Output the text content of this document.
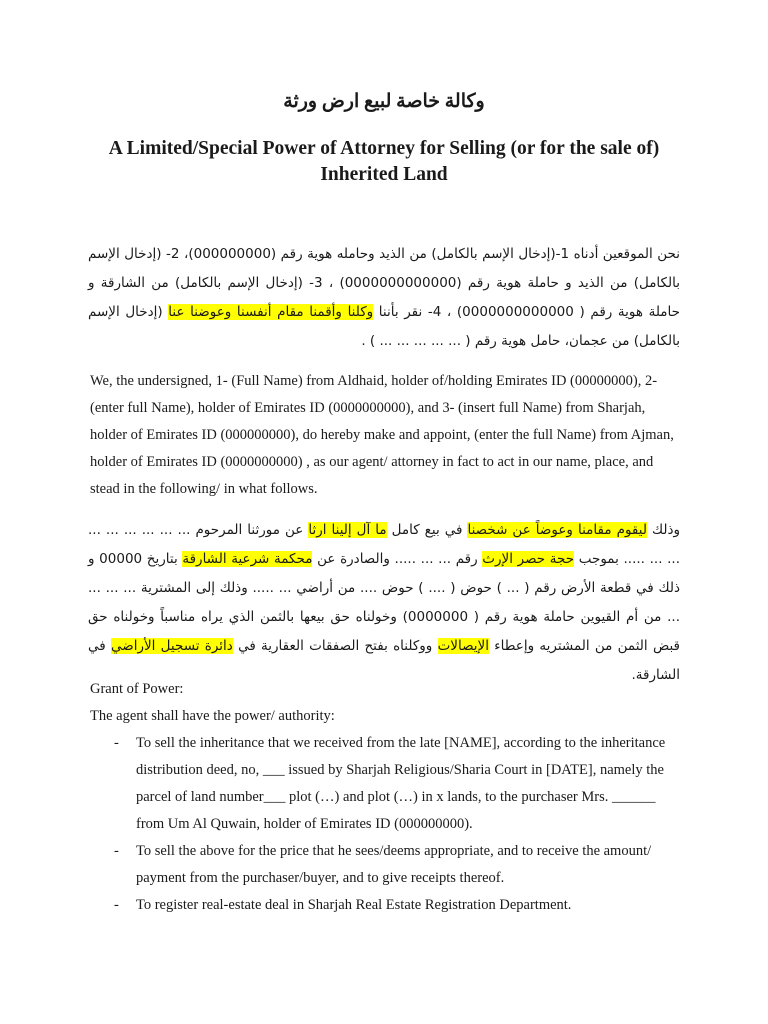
وكالة خاصة لبيع ارض ورثة
A Limited/Special Power of Attorney for Selling (or for the sale of) Inherited Land
نحن الموقعين أدناه 1-(إدخال الإسم بالكامل) من الذيد وحامله هوية رقم (000000000)، 2- (إدخال الإسم بالكامل) من الذيد و حاملة هوية رقم (0000000000000) ، 3- (إدخال الإسم بالكامل) من الشارقة و حاملة هوية رقم ( 0000000000000) ، 4- نقر بأننا وكلنا وأقمنا مقام أنفسنا وعوضنا عنا (إدخال الإسم بالكامل) من عجمان، حامل هوية رقم ( ... ... ... ... ... ) .
We, the undersigned, 1- (Full Name) from Aldhaid, holder of/holding Emirates ID (00000000), 2- (enter full Name), holder of Emirates ID (0000000000), and 3- (insert full Name) from Sharjah, holder of Emirates ID (000000000), do hereby make and appoint, (enter the full Name) from Ajman, holder of Emirates ID (0000000000) , as our agent/ attorney in fact to act in our name, place, and stead in the following/ in what follows.
وذلك ليقوم مقامنا وعوضاً عن شخصنا في بيع كامل ما آل إلينا ارثا عن مورثنا المرحوم ... ... ... ... ... ... ... ... ..... بموجب حجة حصر الإرث رقم ... ... ..... والصادرة عن محكمة شرعية الشارقة بتاريخ 00000 و ذلك في قطعة الأرض رقم ( ... ) حوض ( .... ) حوض .... من أراضي ... ..... وذلك إلى المشترية ... ... ... ... من أم القيوين حاملة هوية رقم ( 0000000) وخولناه حق بيعها بالثمن الذي يراه مناسباً وخولناه حق قبض الثمن من المشتريه وإعطاء الإيصالات ووكلناه بفتح الصفقات العقارية في دائرة تسجيل الأراضي في الشارقة.
Grant of Power:
The agent shall have the power/ authority:
- To sell the inheritance that we received from the late [NAME], according to the inheritance distribution deed, no, ___ issued by Sharjah Religious/Sharia Court in [DATE], namely the parcel of land number___ plot (…) and plot (…) in x lands, to the purchaser Mrs. ______ from Um Al Quwain, holder of Emirates ID (000000000).
- To sell the above for the price that he sees/deems appropriate, and to receive the amount/ payment from the purchaser/buyer, and to give receipts thereof.
- To register real-estate deal in Sharjah Real Estate Registration Department.
